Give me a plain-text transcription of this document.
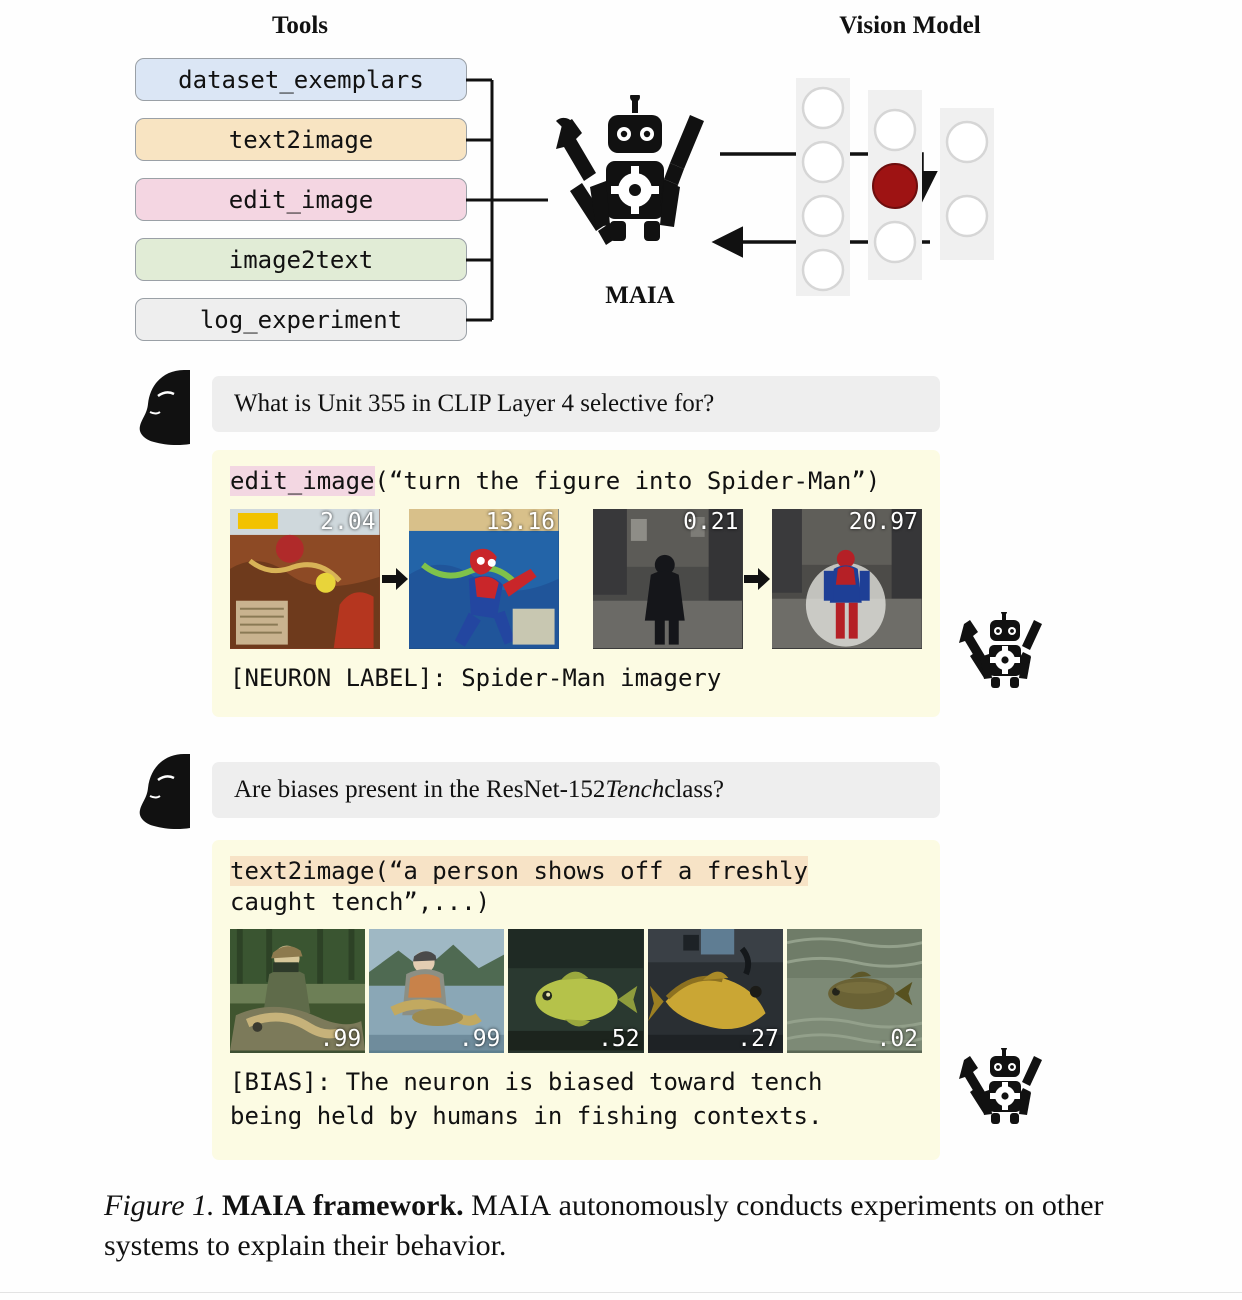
Tools	Vision Model
dataset_exemplars
text2image
edit_image
image2text
log_experiment
MAIA
What is Unit 355 in CLIP Layer 4 selective for?
edit_image(“turn the figure into Spider-Man”)
2.04	13.16	0.21	20.97
[NEURON LABEL]: Spider-Man imagery
Are biases present in the ResNet-152 Tench class?
text2image(“a person shows off a freshly
caught tench”,...)
.99	.99	.52	.27	.02
[BIAS]: The neuron is biased toward tench
being held by humans in fishing contexts.
Figure 1. MAIA framework. MAIA autonomously conducts experiments on other systems to explain their behavior.
